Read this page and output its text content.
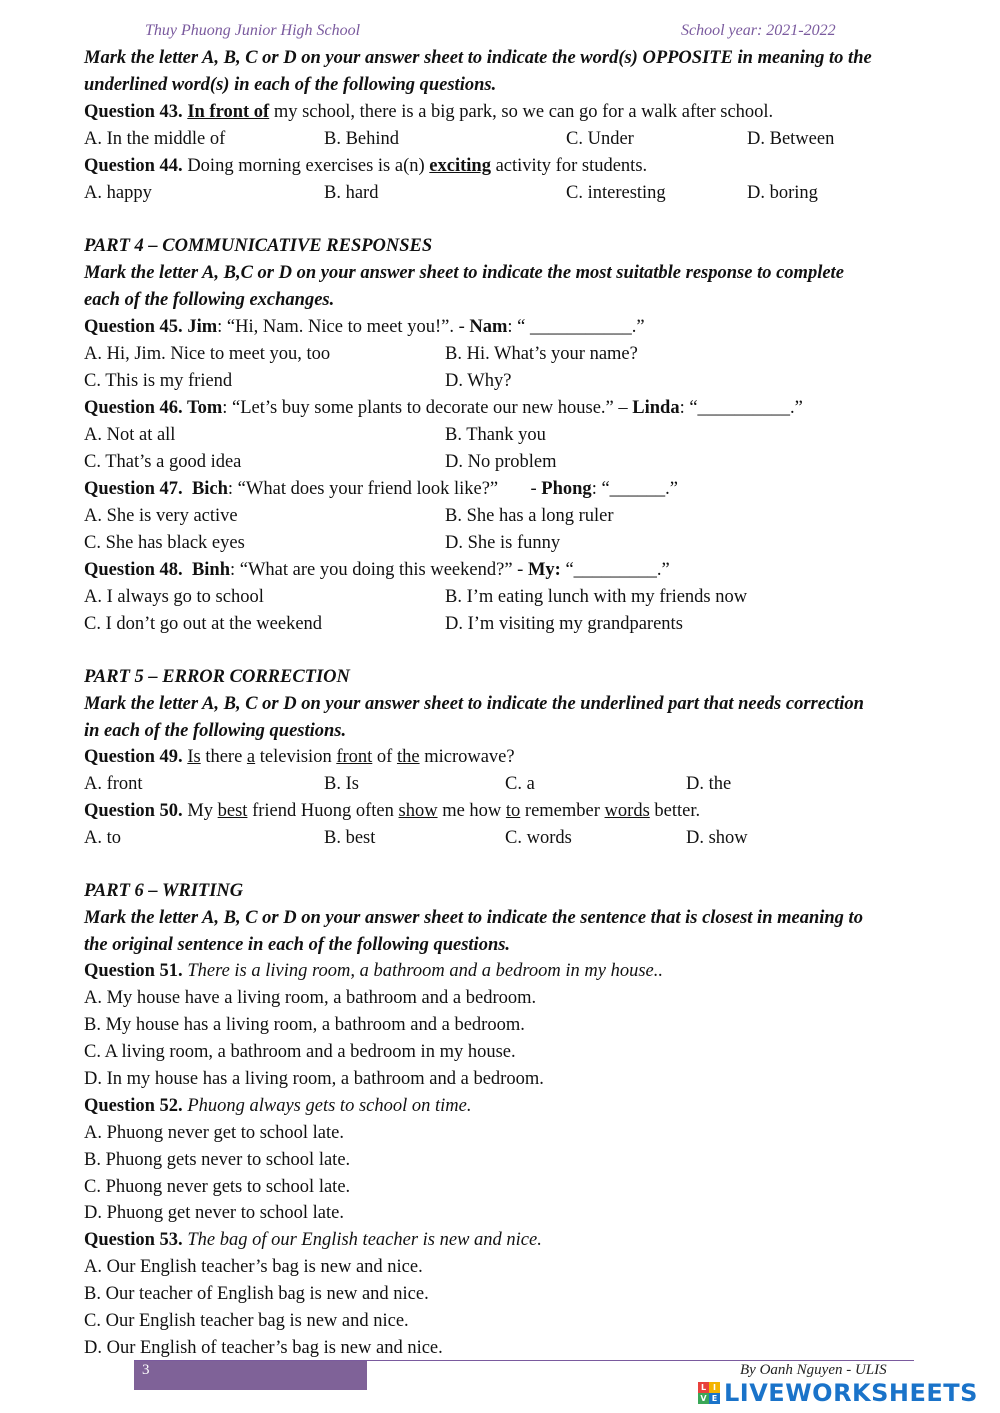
Thuy Phuong Junior High School	School year: 2021-2022
Mark the letter A, B, C or D on your answer sheet to indicate the word(s) OPPOSITE in meaning to the
underlined word(s) in each of the following questions.
Question 43. In front of my school, there is a big park, so we can go for a walk after school.
A. In the middle of	B. Behind	C. Under	D. Between
Question 44. Doing morning exercises is a(n) exciting activity for students.
A. happy	B. hard	C. interesting	D. boring
PART 4 – COMMUNICATIVE RESPONSES
Mark the letter A, B,C or D on your answer sheet to indicate the most suitatble response to complete
each of the following exchanges.
Question 45. Jim: “Hi, Nam. Nice to meet you!”. - Nam: “ ___________.”
A. Hi, Jim. Nice to meet you, too	B. Hi. What’s your name?
C. This is my friend	D. Why?
Question 46. Tom: “Let’s buy some plants to decorate our new house.” – Linda: “__________.”
A. Not at all	B. Thank you
C. That’s a good idea	D. No problem
Question 47.  Bich: “What does your friend look like?”       - Phong: “______.”
A. She is very active	B. She has a long ruler
C. She has black eyes	D. She is funny
Question 48.  Binh: “What are you doing this weekend?” - My: “_________.”
A. I always go to school	B. I’m eating lunch with my friends now
C. I don’t go out at the weekend	D. I’m visiting my grandparents
PART 5 – ERROR CORRECTION
Mark the letter A, B, C or D on your answer sheet to indicate the underlined part that needs correction
in each of the following questions.
Question 49. Is there a television front of the microwave?
A. front	B. Is	C. a	D. the
Question 50. My best friend Huong often show me how to remember words better.
A. to	B. best	C. words	D. show
PART 6 – WRITING
Mark the letter A, B, C or D on your answer sheet to indicate the sentence that is closest in meaning to
the original sentence in each of the following questions.
Question 51. There is a living room, a bathroom and a bedroom in my house..
A. My house have a living room, a bathroom and a bedroom.
B. My house has a living room, a bathroom and a bedroom.
C. A living room, a bathroom and a bedroom in my house.
D. In my house has a living room, a bathroom and a bedroom.
Question 52. Phuong always gets to school on time.
A. Phuong never get to school late.
B. Phuong gets never to school late.
C. Phuong never gets to school late.
D. Phuong get never to school late.
Question 53. The bag of our English teacher is new and nice.
A. Our English teacher’s bag is new and nice.
B. Our teacher of English bag is new and nice.
C. Our English teacher bag is new and nice.
D. Our English of teacher’s bag is new and nice.
3	By Oanh Nguyen - ULIS
L I
V E LIVEWORKSHEETS
